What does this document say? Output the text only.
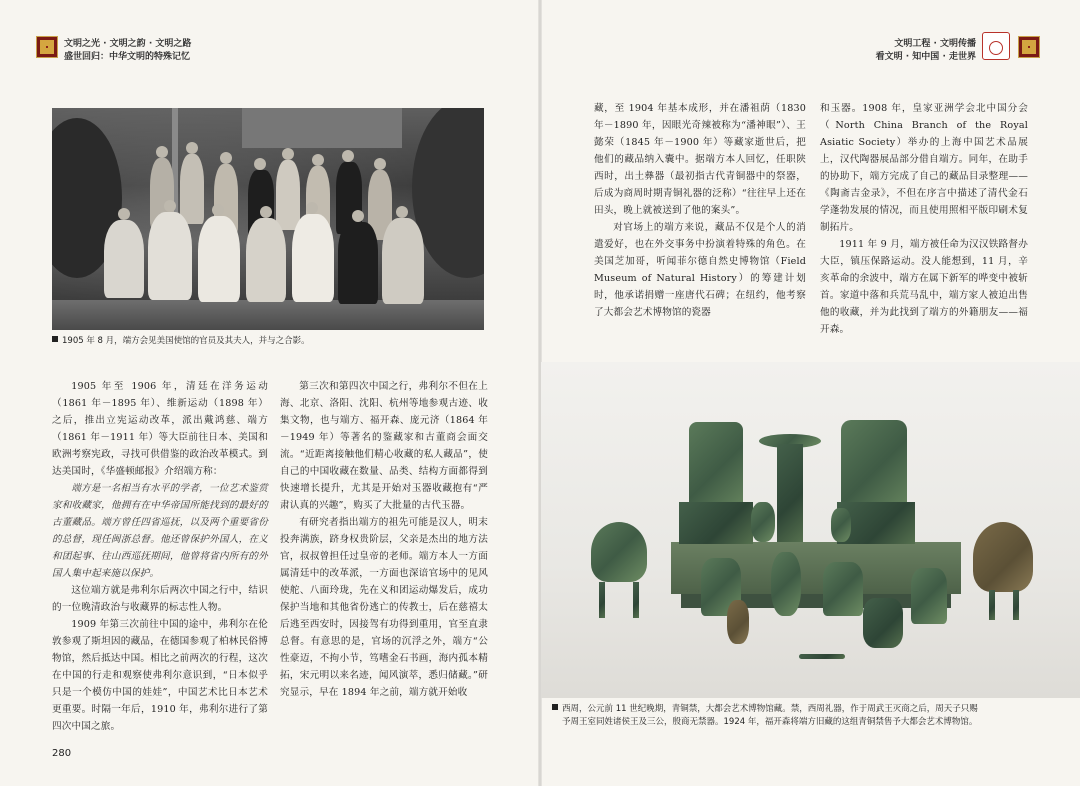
文明之光 · 文明之韵 · 文明之路
盛世回归：中华文明的特殊记忆
文明工程 · 文明传播
看文明 · 知中国 · 走世界
1905 年 8 月，端方会见美国使馆的官员及其夫人，并与之合影。

1905 年至 1906 年，清廷在洋务运动（1861 年－1895 年）、维新运动（1898 年）之后，推出立宪运动改革，派出戴鸿慈、端方（1861 年－1911 年）等大臣前往日本、美国和欧洲考察宪政，寻找可供借鉴的政治改革模式。到达美国时，《华盛顿邮报》介绍端方称：

端方是一名相当有水平的学者，一位艺术鉴赏家和收藏家，他拥有在中华帝国所能找到的最好的古董藏品。端方曾任四省巡抚，以及两个重要省份的总督，现任闽浙总督。他还曾保护外国人，在义和团起事、往山西巡抚期间，他曾将省内所有的外国人集中起来施以保护。

这位端方就是弗利尔后两次中国之行中，结识的一位晚清政治与收藏界的标志性人物。

1909 年第三次前往中国的途中，弗利尔在伦敦参观了斯坦因的藏品，在德国参观了柏林民俗博物馆，然后抵达中国。相比之前两次的行程，这次在中国的行走和观察使弗利尔意识到，“日本似乎只是一个模仿中国的娃娃”，中国艺术比日本艺术更重要。时隔一年后，1910 年，弗利尔进行了第四次中国之旅。

第三次和第四次中国之行，弗利尔不但在上海、北京、洛阳、沈阳、杭州等地参观古迹、收集文物，也与端方、福开森、庞元济（1864 年－1949 年）等著名的鉴藏家和古董商会面交流。“近距离接触他们精心收藏的私人藏品”，使自己的中国收藏在数量、品类、结构方面都得到快速增长提升，尤其是开始对玉器收藏抱有“严肃认真的兴趣”，购买了大批量的古代玉器。

有研究者指出端方的祖先可能是汉人，明末投奔满族，跻身权贵阶层，父亲是杰出的地方法官，叔叔曾担任过皇帝的老师。端方本人一方面属清廷中的改革派，一方面也深谙官场中的见风使舵、八面玲珑，先在义和团运动爆发后，成功保护当地和其他省份逃亡的传教士，后在慈禧太后逃至西安时，因接驾有功得到重用，官至直隶总督。有意思的是，官场的沉浮之外，端方“公性豪迈，不拘小节，笃嗜金石书画，海内孤本精拓，宋元明以来名迹，闻风演萃，悉归储藏。”研究显示，早在 1894 年之前，端方就开始收

藏，至 1904 年基本成形，并在潘祖荫（1830 年－1890 年，因眼光奇辣被称为“潘神眼”）、王懿荣（1845 年－1900 年）等藏家逝世后，把他们的藏品纳入囊中。据端方本人回忆，任职陕西时，出土彝器（最初指古代青铜器中的祭器，后成为商周时期青铜礼器的泛称）“往往早上还在田头，晚上就被送到了他的案头”。

对官场上的端方来说，藏品不仅是个人的消遣爱好，也在外交事务中扮演着特殊的角色。在美国芝加哥，听闻菲尔德自然史博物馆（Field Museum of Natural History）的筹建计划时，他承诺捐赠一座唐代石碑；在纽约，他考察了大都会艺术博物馆的瓷器

和玉器。1908 年，皇家亚洲学会北中国分会（North China Branch of the Royal Asiatic Society）举办的上海中国艺术品展上，汉代陶器展品部分借自端方。同年，在助手的协助下，端方完成了自己的藏品目录整理——《陶斋吉金录》，不但在序言中描述了清代金石学蓬勃发展的情况，而且使用照相平版印刷术复制拓片。

1911 年 9 月，端方被任命为汉汉铁路督办大臣，镇压保路运动。没人能想到，11 月，辛亥革命的余波中，端方在属下新军的哗变中被斩首。家道中落和兵荒马乱中，端方家人被迫出售他的收藏，并为此找到了端方的外籍朋友——福开森。

西周，公元前 11 世纪晚期，青铜禁，大都会艺术博物馆藏。禁，西周礼器，作于周武王灭商之后，周天子只赐
予周王室同姓诸侯王及三公，殷商无禁器。1924 年，福开森将端方旧藏的这组青铜禁售予大都会艺术博物馆。
280
